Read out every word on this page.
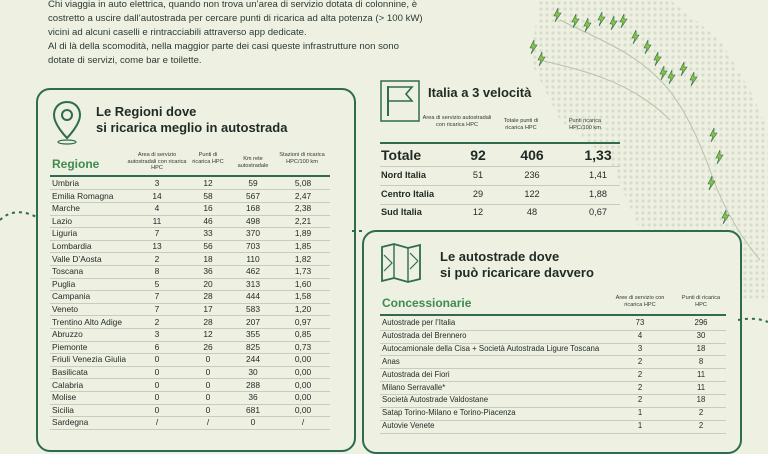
Chi viaggia in auto elettrica, quando non trova un’area di servizio dotata di colonnine, è

costretto a uscire dall’autostrada per cercare punti di ricarica ad alta potenza (> 100 kW)

vicini ad alcuni caselli e rintracciabili attraverso app dedicate.

Al di là della scomodità, nella maggior parte dei casi queste infrastrutture non sono

dotate di servizi, come bar e toilette.

Italia a 3 velocità
Area di servizio autostradali con ricarica HPC
Totale punti di ricarica HPC
Punti ricarica HPC/100 km
Totale	92	406	1,33
Nord Italia	51	236	1,41
Centro Italia	29	122	1,88
Sud Italia	12	48	0,67
Le Regioni dove
si ricarica meglio in autostrada
Regione
Area di servizio autostradali con ricarica HPC
Punti di ricarica HPC	Km rete autostradale
Stazioni di ricarica HPC/100 km
Umbria	3	12	59	5,08
Emilia Romagna	14	58	567	2,47
Marche	4	16	168	2,38
Lazio	11	46	498	2,21
Liguria	7	33	370	1,89
Lombardia	13	56	703	1,85
Valle D’Aosta	2	18	110	1,82
Toscana	8	36	462	1,73
Puglia	5	20	313	1,60
Campania	7	28	444	1,58
Veneto	7	17	583	1,20
Trentino Alto Adige	2	28	207	0,97
Abruzzo	3	12	355	0,85
Piemonte	6	26	825	0,73
Friuli Venezia Giulia	0	0	244	0,00
Basilicata	0	0	30	0,00
Calabria	0	0	288	0,00
Molise	0	0	36	0,00
Sicilia	0	0	681	0,00
Sardegna	/	/	0	/
Le autostrade dove
si può ricaricare davvero
Concessionarie	Aree di servizio con ricarica HPC
Punti di ricarica HPC
Autostrade per l’Italia	73	296
Autostrada del Brennero	4	30
Autocamionale della Cisa + Società Autostrada Ligure Toscana	3	18
Anas	2	8
Autostrada dei Fiori	2	11
Milano Serravalle*	2	11
Società Autostrade Valdostane	2	18
Satap Torino-Milano e Torino-Piacenza	1	2
Autovie Venete	1	2
